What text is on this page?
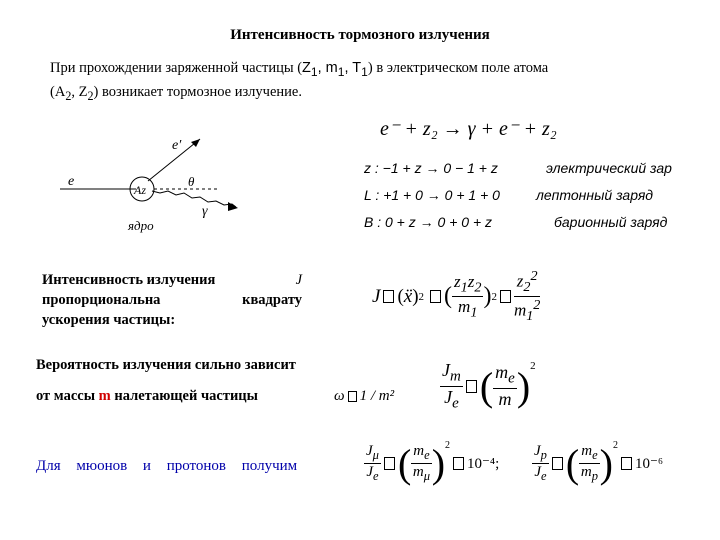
Интенсивность тормозного излучения
При прохождении заряженной частицы ($Z_1$, $m_1$, $T_1$) в электрическом поле атома
($A_2$, $Z_2$) возникает тормозное излучение.
e⁻ + z₂ → γ + e⁻ + z₂
z : −1 + z → 0 − 1 + z	электрический зар
L : +1 + 0 → 0 + 1 + 0	лептонный заряд
B : 0 + z → 0 + 0 + z	барионный заряд
e′
e
Az
θ
γ
ядро
Интенсивность излучения	J
пропорциональна	квадрату
ускорения частицы:
J ( ẍ ) 2 ( $\frac{z_1z_2}{m_1}$ ) $2 \frac{z_2^2}{m_1^2}$
Вероятность излучения сильно зависит
от массы m налетающей частицы	ω 1 / m²	$\frac{J_m}{J_e}$ ( $\frac{m_e}{m} )^2$
Для мюонов и протонов получим	$\frac{J_\mu}{J_e}$ ( $\frac{m_e}{m_\mu} )^2$
10⁻⁴; $\frac{J_p}{J_e}$ ( $\frac{m_e}{m_p} )^2$
10⁻⁶
